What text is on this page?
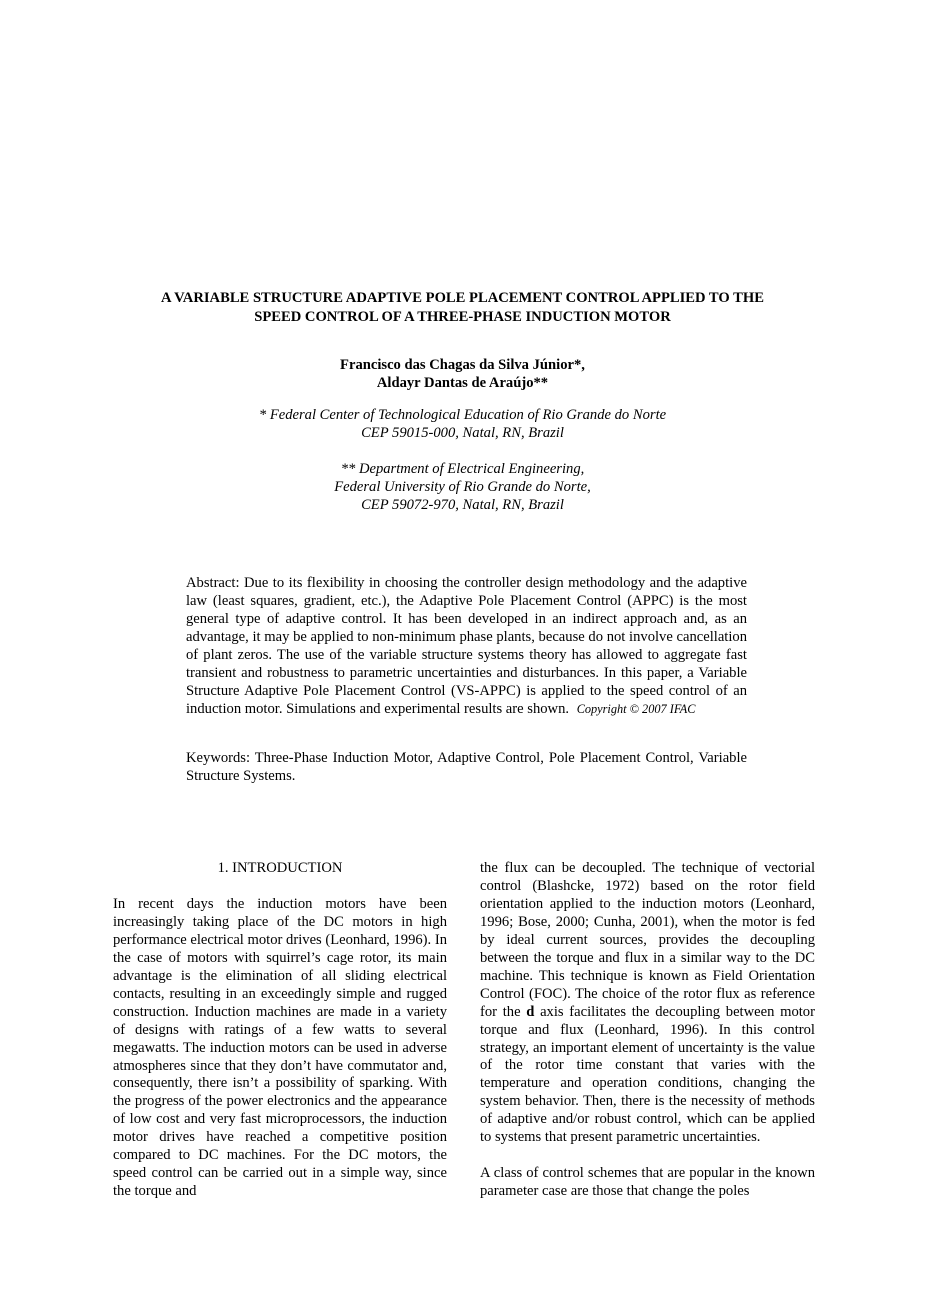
A VARIABLE STRUCTURE ADAPTIVE POLE PLACEMENT CONTROL APPLIED TO THE
SPEED CONTROL OF A THREE-PHASE INDUCTION MOTOR
Francisco das Chagas da Silva Júnior*,
Aldayr Dantas de Araújo**
* Federal Center of Technological Education of Rio Grande do Norte
CEP 59015-000, Natal, RN, Brazil
** Department of Electrical Engineering,
Federal University of Rio Grande do Norte,
CEP 59072-970, Natal, RN, Brazil
Abstract: Due to its flexibility in choosing the controller design methodology and the adaptive law (least squares, gradient, etc.), the Adaptive Pole Placement Control (APPC) is the most general type of adaptive control. It has been developed in an indirect approach and, as an advantage, it may be applied to non-minimum phase plants, because do not involve cancellation of plant zeros. The use of the variable structure systems theory has allowed to aggregate fast transient and robustness to parametric uncertainties and disturbances. In this paper, a Variable Structure Adaptive Pole Placement Control (VS-APPC) is applied to the speed control of an induction motor. Simulations and experimental results are shown. Copyright © 2007 IFAC
Keywords: Three-Phase Induction Motor, Adaptive Control, Pole Placement Control, Variable Structure Systems.
1. INTRODUCTION

In recent days the induction motors have been increasingly taking place of the DC motors in high performance electrical motor drives (Leonhard, 1996). In the case of motors with squirrel’s cage rotor, its main advantage is the elimination of all sliding electrical contacts, resulting in an exceedingly simple and rugged construction. Induction machines are made in a variety of designs with ratings of a few watts to several megawatts. The induction motors can be used in adverse atmospheres since that they don’t have commutator and, consequently, there isn’t a possibility of sparking. With the progress of the power electronics and the appearance of low cost and very fast microprocessors, the induction motor drives have reached a competitive position compared to DC machines. For the DC motors, the speed control can be carried out in a simple way, since the torque and

the flux can be decoupled. The technique of vectorial control (Blashcke, 1972) based on the rotor field orientation applied to the induction motors (Leonhard, 1996; Bose, 2000; Cunha, 2001), when the motor is fed by ideal current sources, provides the decoupling between the torque and flux in a similar way to the DC machine. This technique is known as Field Orientation Control (FOC). The choice of the rotor flux as reference for the d axis facilitates the decoupling between motor torque and flux (Leonhard, 1996). In this control strategy, an important element of uncertainty is the value of the rotor time constant that varies with the temperature and operation conditions, changing the system behavior. Then, there is the necessity of methods of adaptive and/or robust control, which can be applied to systems that present parametric uncertainties.

A class of control schemes that are popular in the known parameter case are those that change the poles
